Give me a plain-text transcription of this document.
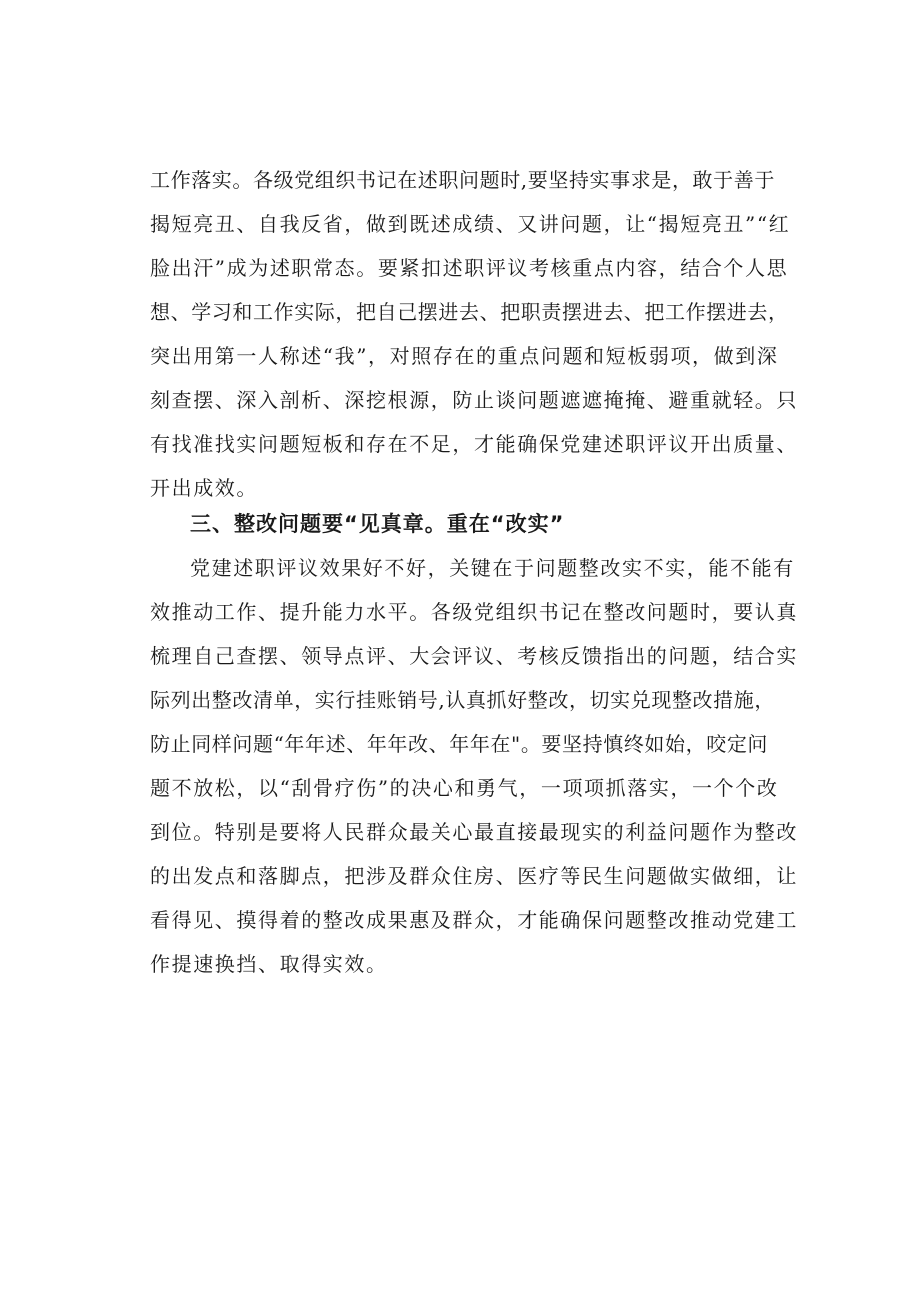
工作落实。各级党组织书记在述职问题时,要坚持实事求是，敢于善于
揭短亮丑、自我反省，做到既述成绩、又讲问题，让“揭短亮丑”“红
脸出汗”成为述职常态。要紧扣述职评议考核重点内容，结合个人思
想、学习和工作实际，把自己摆进去、把职责摆进去、把工作摆进去，
突出用第一人称述“我”，对照存在的重点问题和短板弱项，做到深
刻查摆、深入剖析、深挖根源，防止谈问题遮遮掩掩、避重就轻。只
有找准找实问题短板和存在不足，才能确保党建述职评议开出质量、
开出成效。
三、整改问题要“见真章。重在“改实”
党建述职评议效果好不好，关键在于问题整改实不实，能不能有
效推动工作、提升能力水平。各级党组织书记在整改问题时，要认真
梳理自己查摆、领导点评、大会评议、考核反馈指出的问题，结合实
际列出整改清单，实行挂账销号,认真抓好整改，切实兑现整改措施，
防止同样问题“年年述、年年改、年年在"。要坚持慎终如始，咬定问
题不放松，以“刮骨疗伤”的决心和勇气，一项项抓落实，一个个改
到位。特别是要将人民群众最关心最直接最现实的利益问题作为整改
的出发点和落脚点，把涉及群众住房、医疗等民生问题做实做细，让
看得见、摸得着的整改成果惠及群众，才能确保问题整改推动党建工
作提速换挡、取得实效。
